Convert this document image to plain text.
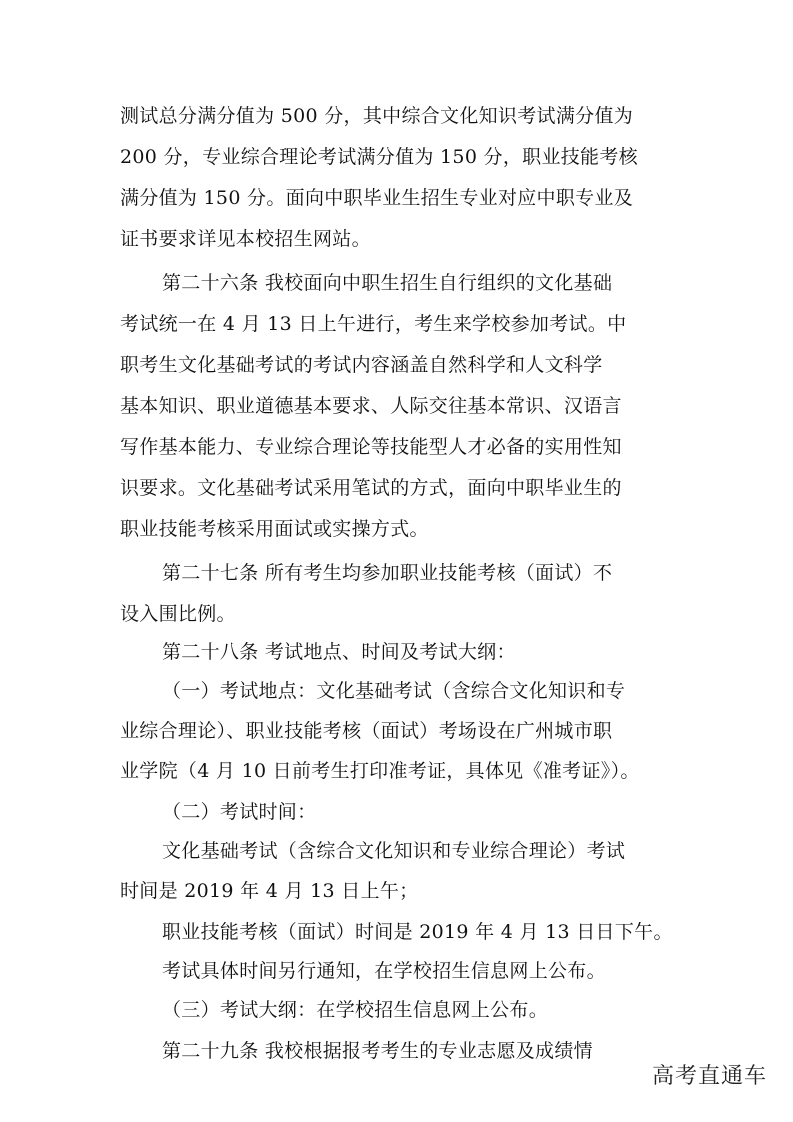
测试总分满分值为 500 分，其中综合文化知识考试满分值为

200 分，专业综合理论考试满分值为 150 分，职业技能考核

满分值为 150 分。面向中职毕业生招生专业对应中职专业及

证书要求详见本校招生网站。

第二十六条 我校面向中职生招生自行组织的文化基础

考试统一在 4 月 13 日上午进行，考生来学校参加考试。中

职考生文化基础考试的考试内容涵盖自然科学和人文科学

基本知识、职业道德基本要求、人际交往基本常识、汉语言

写作基本能力、专业综合理论等技能型人才必备的实用性知

识要求。文化基础考试采用笔试的方式，面向中职毕业生的

职业技能考核采用面试或实操方式。

第二十七条 所有考生均参加职业技能考核（面试）不

设入围比例。

第二十八条 考试地点、时间及考试大纲：

（一）考试地点：文化基础考试（含综合文化知识和专

业综合理论）、职业技能考核（面试）考场设在广州城市职

业学院（4 月 10 日前考生打印准考证，具体见《准考证》）。

（二）考试时间：

文化基础考试（含综合文化知识和专业综合理论）考试

时间是 2019 年 4 月 13 日上午；

职业技能考核（面试）时间是 2019 年 4 月 13 日日下午。

考试具体时间另行通知，在学校招生信息网上公布。

（三）考试大纲：在学校招生信息网上公布。

第二十九条 我校根据报考考生的专业志愿及成绩情

高考直通车
